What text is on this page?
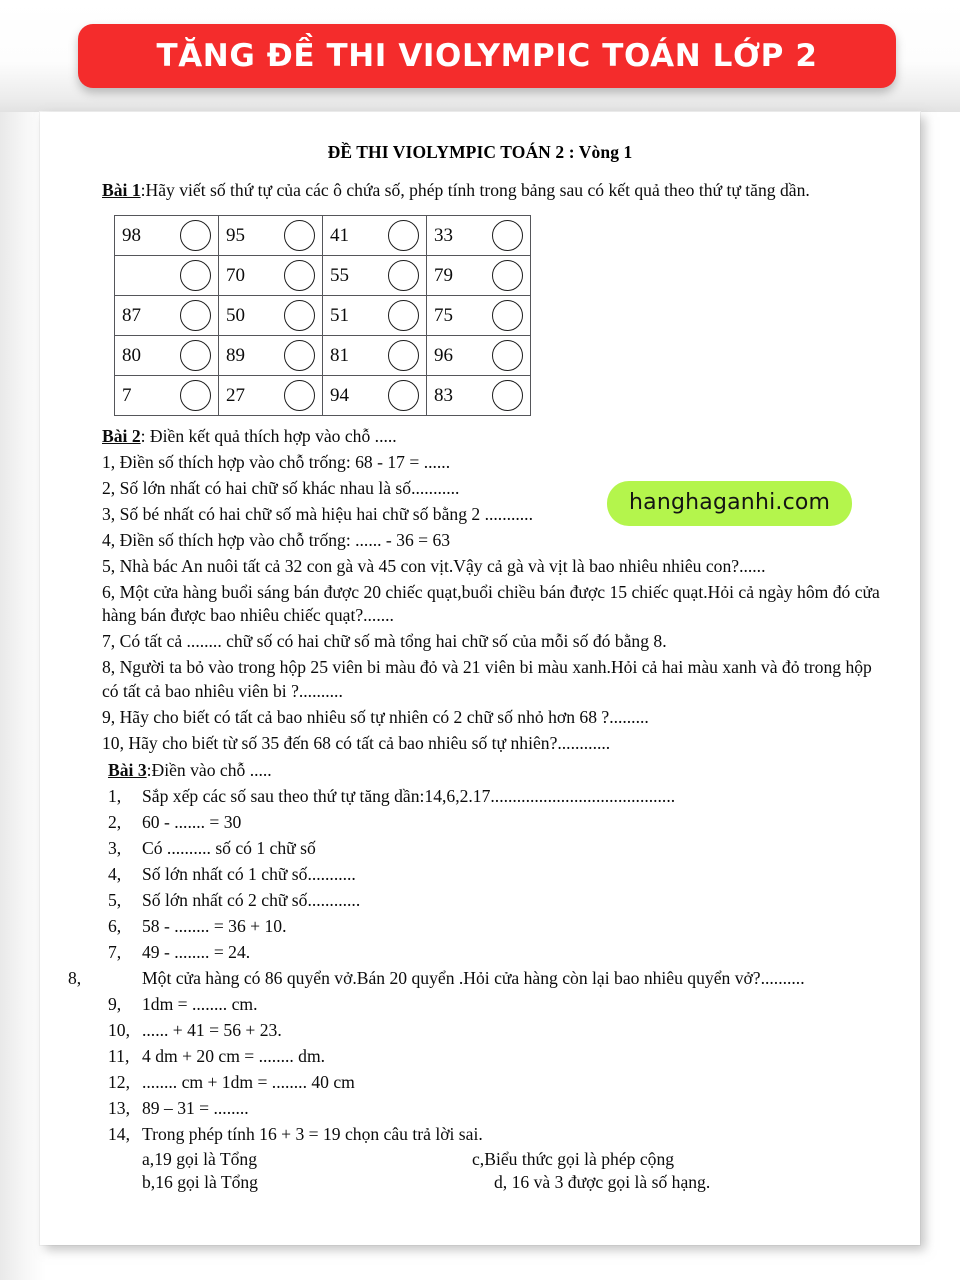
TĂNG ĐỀ THI VIOLYMPIC TOÁN LỚP 2
ĐỀ THI VIOLYMPIC TOÁN 2 : Vòng 1
Bài 1:Hãy viết số thứ tự của các ô chứa số, phép tính trong bảng sau có kết quả theo thứ tự tăng dần.
98	95	41	33

	70	55	79

87	50	51	75

80	89	81	96

7	27	94	83
Bài 2: Điền kết quả thích hợp vào chỗ .....
1, Điền số thích hợp vào chỗ trống: 68 - 17 = ......
2, Số lớn nhất có hai chữ số khác nhau là số...........
3, Số bé nhất có hai chữ số mà hiệu hai chữ số bằng 2 ...........
4, Điền số thích hợp vào chỗ trống: ...... - 36 = 63
5, Nhà bác An nuôi tất cả 32 con gà và 45 con vịt.Vậy cả gà và vịt là bao nhiêu nhiêu con?......
6, Một cửa hàng buổi sáng bán được 20 chiếc quạt,buổi chiều bán được 15 chiếc quạt.Hỏi cả ngày hôm đó cửa hàng bán được bao nhiêu chiếc quạt?.......
7, Có tất cả ........ chữ số có hai chữ số mà tổng hai chữ số của mỗi số đó bằng 8.
8, Người ta bỏ vào trong hộp 25 viên bi màu đỏ và 21 viên bi màu xanh.Hỏi cả hai màu xanh và đỏ trong hộp có tất cả bao nhiêu viên bi ?..........
9, Hãy cho biết có tất cả bao nhiêu số tự nhiên có 2 chữ số nhỏ hơn 68 ?.........
10, Hãy cho biết từ số 35 đến 68 có tất cả bao nhiêu số tự nhiên?............
Bài 3:Điền vào chỗ .....
1, Sắp xếp các số sau theo thứ tự tăng dần:14,6,2.17..........................................
2, 60 - ....... = 30
3, Có .......... số có 1 chữ số
4, Số lớn nhất có 1 chữ số...........
5, Số lớn nhất có 2 chữ số............
6, 58 - ........ = 36 + 10.
7, 49 - ........ = 24.
8,	Một cửa hàng có 86 quyển vở.Bán 20 quyển .Hỏi cửa hàng còn lại bao nhiêu quyển vở?..........
9, 1dm = ........ cm.
10, ...... + 41 = 56 + 23.
11, 4 dm + 20 cm = ........ dm.
12, ........ cm + 1dm = ........ 40 cm
13, 89 – 31 = ........
14, Trong phép tính 16 + 3 = 19 chọn câu trả lời sai.
a,19 gọi là Tổng	c,Biểu thức gọi là phép cộng
b,16 gọi là Tổng	d, 16 và 3 được gọi là số hạng.
hanghaganhi.com
